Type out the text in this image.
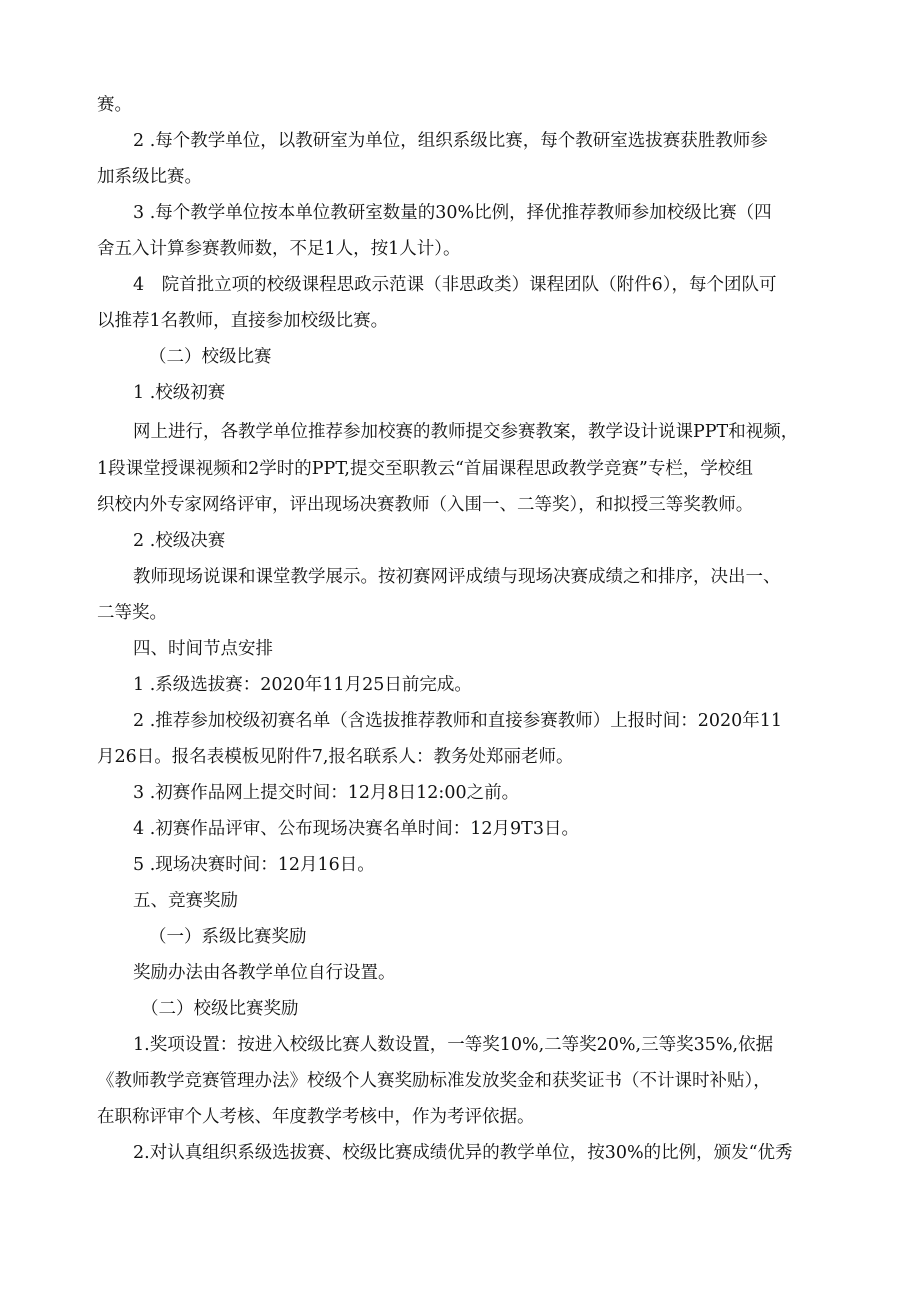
赛。
2 .每个教学单位，以教研室为单位，组织系级比赛，每个教研室选拔赛获胜教师参
加系级比赛。
3 .每个教学单位按本单位教研室数量的30%比例，择优推荐教师参加校级比赛（四
舍五入计算参赛教师数，不足1人，按1人计）。
4　院首批立项的校级课程思政示范课（非思政类）课程团队（附件6），每个团队可
以推荐1名教师，直接参加校级比赛。
（二）校级比赛
1 .校级初赛
网上进行，各教学单位推荐参加校赛的教师提交参赛教案，教学设计说课PPT和视频，
1段课堂授课视频和2学时的PPT,提交至职教云“首届课程思政教学竞赛”专栏，学校组
织校内外专家网络评审，评出现场决赛教师（入围一、二等奖），和拟授三等奖教师。
2 .校级决赛
教师现场说课和课堂教学展示。按初赛网评成绩与现场决赛成绩之和排序，决出一、
二等奖。
四、时间节点安排
1 .系级选拔赛：2020年11月25日前完成。
2 .推荐参加校级初赛名单（含选拔推荐教师和直接参赛教师）上报时间：2020年11
月26日。报名表模板见附件7,报名联系人：教务处郑丽老师。
3 .初赛作品网上提交时间：12月8日12:00之前。
4 .初赛作品评审、公布现场决赛名单时间：12月9T3日。
5 .现场决赛时间：12月16日。
五、竞赛奖励
（一）系级比赛奖励
奖励办法由各教学单位自行设置。
（二）校级比赛奖励
1.奖项设置：按进入校级比赛人数设置，一等奖10%,二等奖20%,三等奖35%,依据
《教师教学竞赛管理办法》校级个人赛奖励标准发放奖金和获奖证书（不计课时补贴），
在职称评审个人考核、年度教学考核中，作为考评依据。
2.对认真组织系级选拔赛、校级比赛成绩优异的教学单位，按30%的比例，颁发“优秀
